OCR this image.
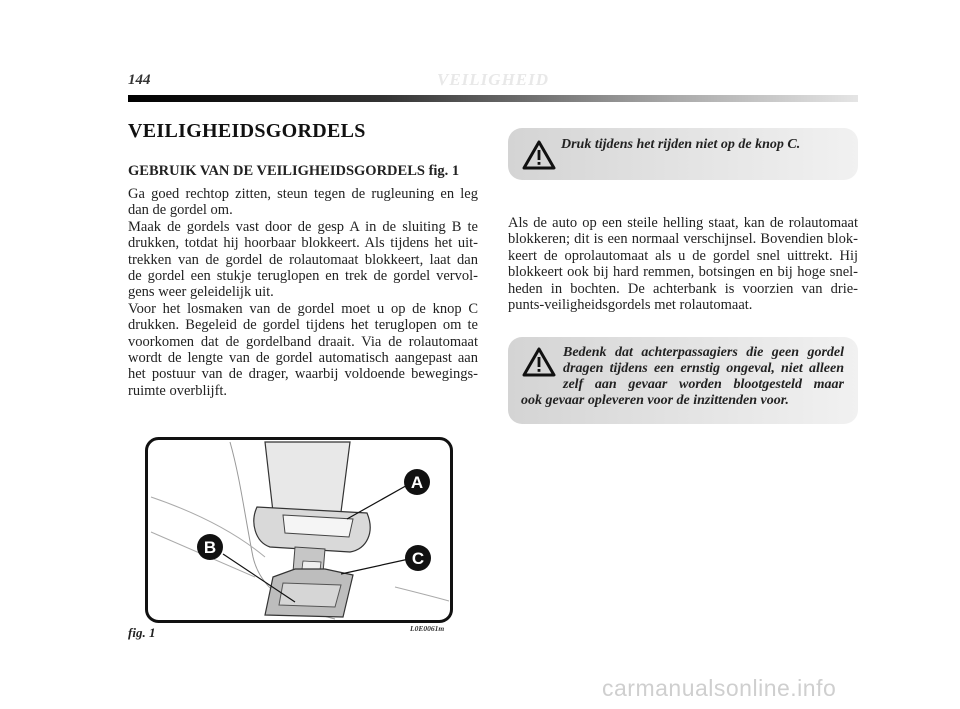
144	VEILIGHEID
VEILIGHEIDSGORDELS
GEBRUIK VAN DE VEILIGHEIDSGORDELS fig. 1
Ga goed rechtop zitten, steun tegen de rugleuning en leg
dan de gordel om.
Maak de gordels vast door de gesp A in de sluiting B te
drukken, totdat hij hoorbaar blokkeert. Als tijdens het uit-
trekken van de gordel de rolautomaat blokkeert, laat dan
de gordel een stukje teruglopen en trek de gordel vervol-
gens weer geleidelijk uit.
Voor het losmaken van de gordel moet u op de knop C
drukken. Begeleid de gordel tijdens het teruglopen om te
voorkomen dat de gordelband draait. Via de rolautomaat
wordt de lengte van de gordel automatisch aangepast aan
het postuur van de drager, waarbij voldoende bewegings-
ruimte overblijft.
Druk tijdens het rijden niet op de knop C.
Als de auto op een steile helling staat, kan de rolautomaat
blokkeren; dit is een normaal verschijnsel. Bovendien blok-
keert de oprolautomaat als u de gordel snel uittrekt. Hij
blokkeert ook bij hard remmen, botsingen en bij hoge snel-
heden in bochten. De achterbank is voorzien van drie-
punts-veiligheidsgordels met rolautomaat.
Bedenk dat achterpassagiers die geen gordel
dragen tijdens een ernstig ongeval, niet alleen
zelf aan gevaar worden blootgesteld maar
ook gevaar opleveren voor de inzittenden voor.
A
B
C
fig. 1	L0E0061m
carmanualsonline.info
